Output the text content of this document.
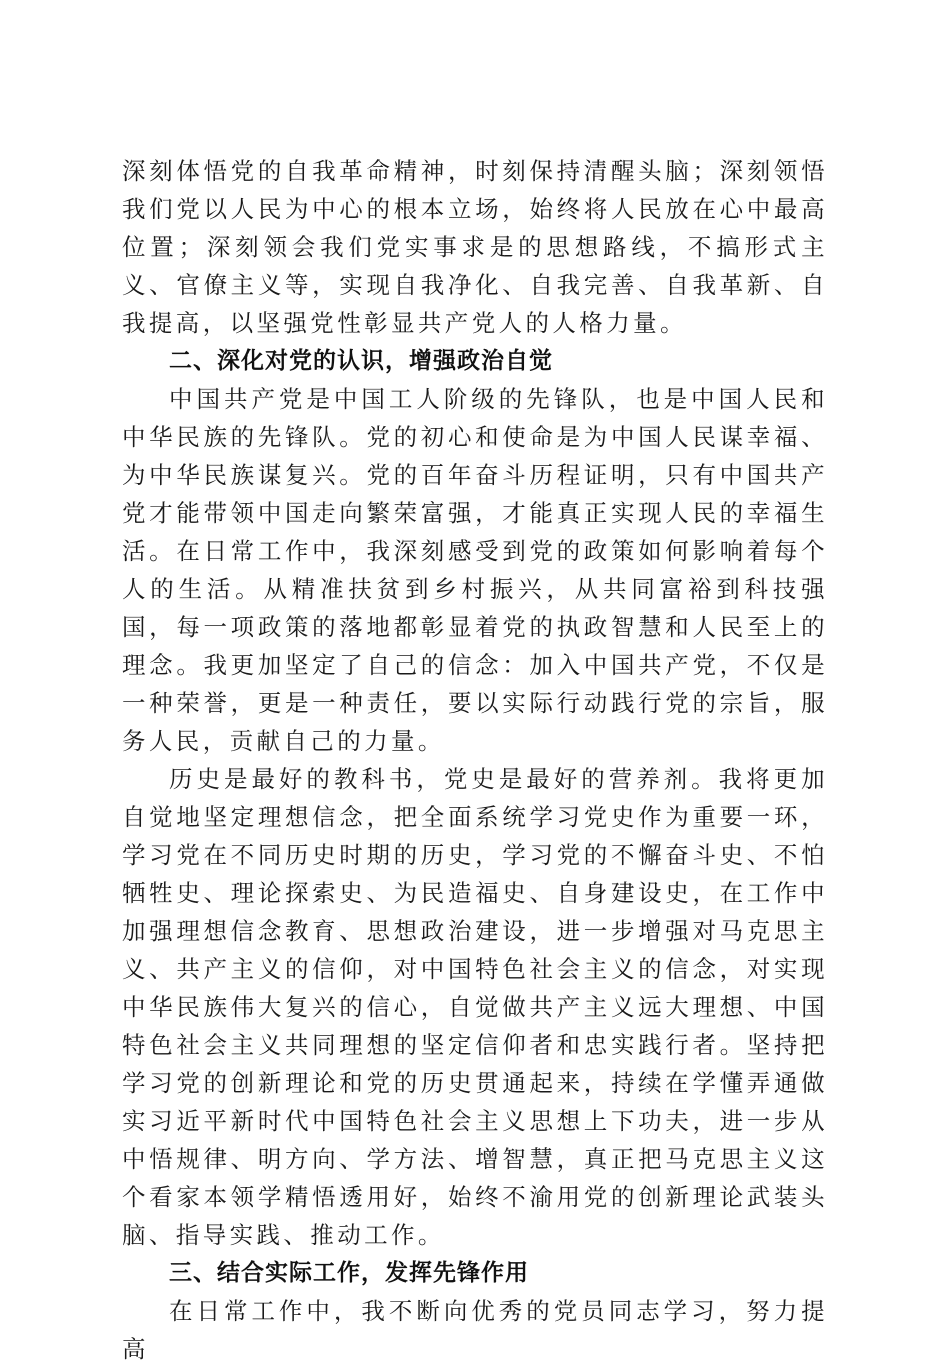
深刻体悟党的自我革命精神，时刻保持清醒头脑；深刻领悟我们党以人民为中心的根本立场，始终将人民放在心中最高位置；深刻领会我们党实事求是的思想路线，不搞形式主义、官僚主义等，实现自我净化、自我完善、自我革新、自我提高，以坚强党性彰显共产党人的人格力量。

二、深化对党的认识，增强政治自觉

中国共产党是中国工人阶级的先锋队，也是中国人民和中华民族的先锋队。党的初心和使命是为中国人民谋幸福、为中华民族谋复兴。党的百年奋斗历程证明，只有中国共产党才能带领中国走向繁荣富强，才能真正实现人民的幸福生活。在日常工作中，我深刻感受到党的政策如何影响着每个人的生活。从精准扶贫到乡村振兴，从共同富裕到科技强国，每一项政策的落地都彰显着党的执政智慧和人民至上的理念。我更加坚定了自己的信念：加入中国共产党，不仅是一种荣誉，更是一种责任，要以实际行动践行党的宗旨，服务人民，贡献自己的力量。

历史是最好的教科书，党史是最好的营养剂。我将更加自觉地坚定理想信念，把全面系统学习党史作为重要一环，学习党在不同历史时期的历史，学习党的不懈奋斗史、不怕牺牲史、理论探索史、为民造福史、自身建设史，在工作中加强理想信念教育、思想政治建设，进一步增强对马克思主义、共产主义的信仰，对中国特色社会主义的信念，对实现中华民族伟大复兴的信心，自觉做共产主义远大理想、中国特色社会主义共同理想的坚定信仰者和忠实践行者。坚持把学习党的创新理论和党的历史贯通起来，持续在学懂弄通做实习近平新时代中国特色社会主义思想上下功夫，进一步从中悟规律、明方向、学方法、增智慧，真正把马克思主义这个看家本领学精悟透用好，始终不渝用党的创新理论武装头脑、指导实践、推动工作。

三、结合实际工作，发挥先锋作用

在日常工作中，我不断向优秀的党员同志学习，努力提高
